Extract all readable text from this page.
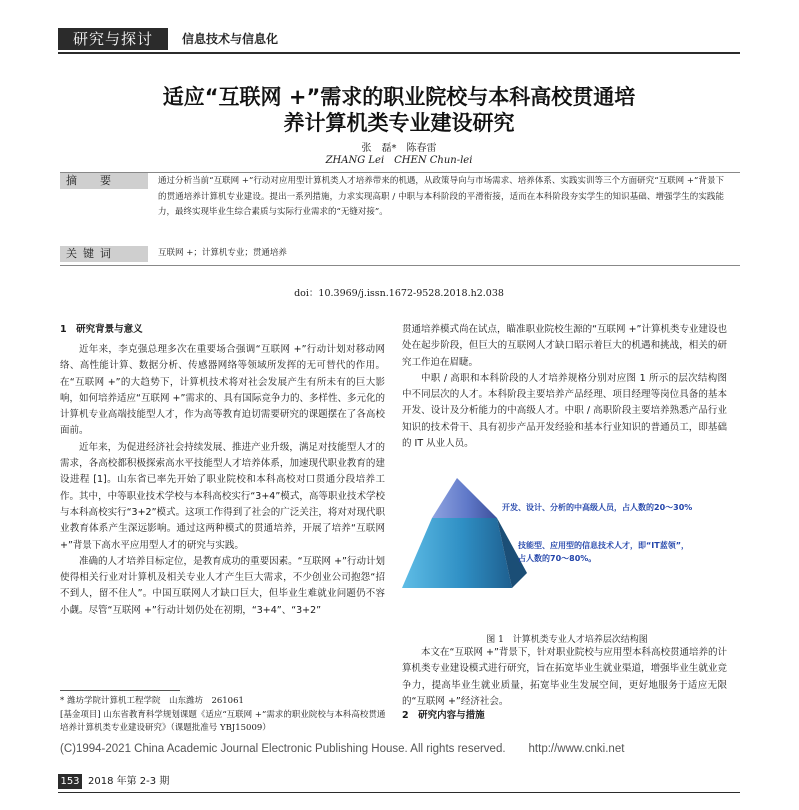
研究与探讨	信息技术与信息化
适应“互联网 +”需求的职业院校与本科高校贯通培
养计算机类专业建设研究
张　磊*　陈春雷
ZHANG Lei　CHEN Chun-lei
摘　要	通过分析当前“互联网 +”行动对应用型计算机类人才培养带来的机遇，从政策导向与市场需求、培养体系、实践实训等三个方面研究“互联网 +”背景下的贯通培养计算机专业建设。提出一系列措施，力求实现高职 / 中职与本科阶段的平滑衔接，适而在本科阶段夯实学生的知识基础、增强学生的实践能力，最终实现毕业生综合素质与实际行业需求的“无缝对接”。
关键词	互联网 +；计算机专业；贯通培养
doi：10.3969/j.issn.1672-9528.2018.h2.038
1　研究背景与意义

近年来，李克强总理多次在重要场合强调“互联网 +”行动计划对移动网络、高性能计算、数据分析、传感器网络等领域所发挥的无可替代的作用。在“互联网 +”的大趋势下，计算机技术将对社会发展产生有所未有的巨大影响，如何培养适应“互联网 +”需求的、具有国际竞争力的、多样性、多元化的计算机专业高端技能型人才，作为高等教育迫切需要研究的课题摆在了各高校面前。

近年来，为促进经济社会持续发展、推进产业升级，满足对技能型人才的需求，各高校都积极探索高水平技能型人才培养体系，加速现代职业教育的建设进程 [1]。山东省已率先开始了职业院校和本科高校对口贯通分段培养工作。其中，中等职业技术学校与本科高校实行“3+4”模式，高等职业技术学校与本科高校实行“3+2”模式。这项工作得到了社会的广泛关注，将对对现代职业教育体系产生深远影响。通过这两种模式的贯通培养，开展了培养“互联网 +”背景下高水平应用型人才的研究与实践。

准确的人才培养目标定位，是教育成功的重要因素。“互联网 +”行动计划使得相关行业对计算机及相关专业人才产生巨大需求，不少创业公司抱怨“招不到人，留不住人”。中国互联网人才缺口巨大，但毕业生难就业问题仍不容小觑。尽管“互联网 +”行动计划仍处在初期，“3+4”、“3+2”

贯通培养模式尚在试点，瞄准职业院校生源的“互联网 +”计算机类专业建设也处在起步阶段，但巨大的互联网人才缺口昭示着巨大的机遇和挑战，相关的研究工作迫在眉睫。

中职 / 高职和本科阶段的人才培养规格分别对应图 1 所示的层次结构图中不同层次的人才。本科阶段主要培养产品经理、项目经理等岗位具备的基本开发、设计及分析能力的中高级人才。中职 / 高职阶段主要培养熟悉产品行业知识的技术骨干、具有初步产品开发经验和基本行业知识的普通员工，即基础的 IT 从业人员。

开发、设计、分析的中高级人员，占人数的20～30%
技能型、应用型的信息技术人才，即“IT蓝领”，
占人数的70～80%。
图 1　计算机类专业人才培养层次结构图

本文在“互联网 +”背景下，针对职业院校与应用型本科高校贯通培养的计算机类专业建设模式进行研究，旨在拓宽毕业生就业渠道，增强毕业生就业竞争力，提高毕业生就业质量，拓宽毕业生发展空间，更好地服务于适应无限的“互联网 +”经济社会。

2　研究内容与措施
* 潍坊学院计算机工程学院　山东潍坊　261061
[基金项目] 山东省教育科学规划课题《适应“互联网 +”需求的职业院校与本科高校贯通培养计算机类专业建设研究》（课题批准号 YBJ15009）
(C)1994-2021 China Academic Journal Electronic Publishing House. All rights reserved.　　http://www.cnki.net
153 2018 年第 2-3 期
